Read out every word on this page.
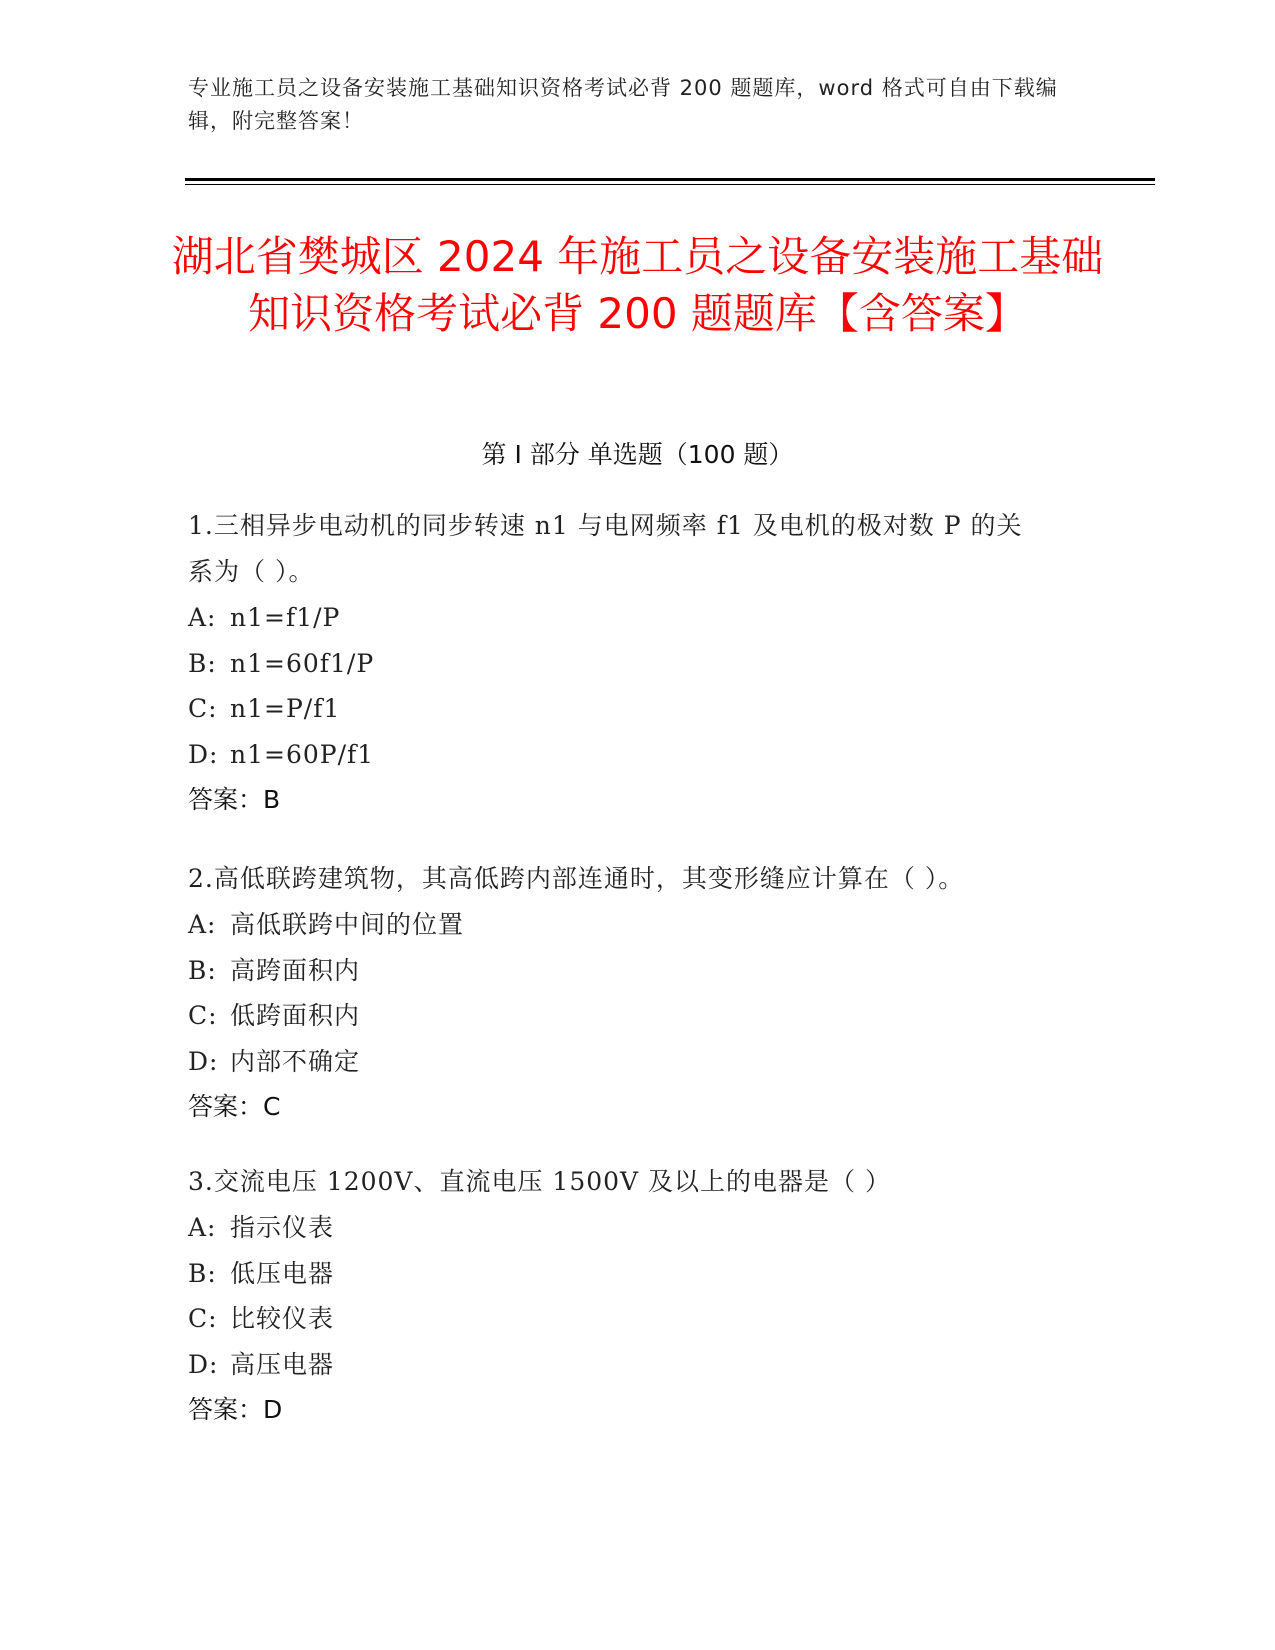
专业施工员之设备安装施工基础知识资格考试必背 200 题题库，word 格式可自由下载编辑，附完整答案！
湖北省樊城区 2024 年施工员之设备安装施工基础知识资格考试必背 200 题题库【含答案】
第 I 部分 单选题（100 题）
1.三相异步电动机的同步转速 n1 与电网频率 f1 及电机的极对数 P 的关系为（ ）。
A: n1=f1/P
B: n1=60f1/P
C: n1=P/f1
D: n1=60P/f1
答案：B
2.高低联跨建筑物，其高低跨内部连通时，其变形缝应计算在（ ）。
A: 高低联跨中间的位置
B: 高跨面积内
C: 低跨面积内
D: 内部不确定
答案：C
3.交流电压 1200V、直流电压 1500V 及以上的电器是（ ）
A: 指示仪表
B: 低压电器
C: 比较仪表
D: 高压电器
答案：D
